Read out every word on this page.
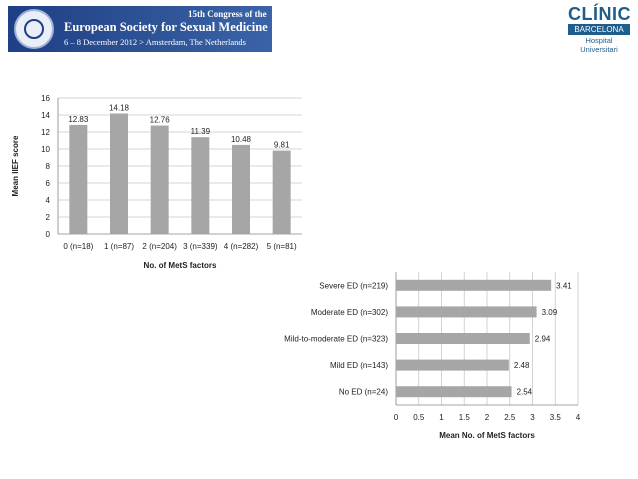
15th Congress of the
European Society for Sexual Medicine
6 – 8 December 2012 > Amsterdam, The Netherlands
CLÍNIC
BARCELONA
Hospital Universitari
0
2
4
6
8
10
12
14
16
12.83
0 (n=18)
14.18
1 (n=87)
12.76
2 (n=204)
11.39
3 (n=339)
10.48
4 (n=282)
9.81
5 (n=81)
No. of MetS factors
Mean IIEF score
0 0.5 1 1.5 2 2.5 3 3.5 4
2.54
No ED (n=24)
2.48
Mild ED (n=143)
2.94
Mild-to-moderate ED (n=323)
3.09
Moderate ED (n=302)
3.41
Severe ED (n=219)
Mean No. of MetS factors
